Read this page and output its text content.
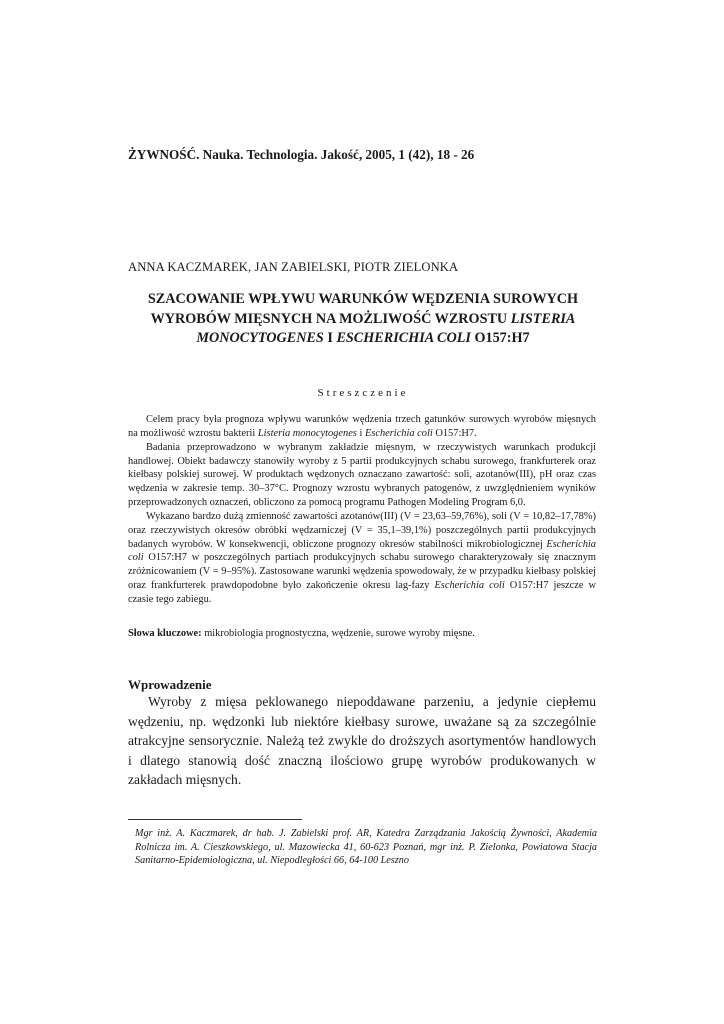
ŻYWNOŚĆ. Nauka. Technologia. Jakość, 2005, 1 (42), 18 - 26
ANNA KACZMAREK, JAN ZABIELSKI, PIOTR ZIELONKA
SZACOWANIE WPŁYWU WARUNKÓW WĘDZENIA SUROWYCH
WYROBÓW MIĘSNYCH NA MOŻLIWOŚĆ WZROSTU LISTERIA
MONOCYTOGENES I ESCHERICHIA COLI O157:H7
Streszczenie

Celem pracy była prognoza wpływu warunków wędzenia trzech gatunków surowych wyrobów mięsnych na możliwość wzrostu bakterii Listeria monocytogenes i Escherichia coli O157:H7.

Badania przeprowadzono w wybranym zakładzie mięsnym, w rzeczywistych warunkach produkcji handlowej. Obiekt badawczy stanowiły wyroby z 5 partii produkcyjnych schabu surowego, frankfurterek oraz kiełbasy polskiej surowej. W produktach wędzonych oznaczano zawartość: soli, azotanów(III), pH oraz czas wędzenia w zakresie temp. 30–37°C. Prognozy wzrostu wybranych patogenów, z uwzględnieniem wyników przeprowadzonych oznaczeń, obliczono za pomocą programu Pathogen Modeling Program 6,0.

Wykazano bardzo dużą zmienność zawartości azotanów(III) (V = 23,63–59,76%), soli (V = 10,82–17,78%) oraz rzeczywistych okresów obróbki wędzarniczej (V = 35,1–39,1%) poszczególnych partii produkcyjnych badanych wyrobów. W konsekwencji, obliczone prognozy okresów stabilności mikrobiologicznej Escherichia coli O157:H7 w poszczególnych partiach produkcyjnych schabu surowego charakteryzowały się znacznym zróżnicowaniem (V = 9–95%). Zastosowane warunki wędzenia spowodowały, że w przypadku kiełbasy polskiej oraz frankfurterek prawdopodobne było zakończenie okresu lag-fazy Escherichia coli O157:H7 jeszcze w czasie tego zabiegu.

Słowa kluczowe: mikrobiologia prognostyczna, wędzenie, surowe wyroby mięsne.
Wprowadzenie

Wyroby z mięsa peklowanego niepoddawane parzeniu, a jedynie ciepłemu wędzeniu, np. wędzonki lub niektóre kiełbasy surowe, uważane są za szczególnie atrakcyjne sensorycznie. Należą też zwykle do droższych asortymentów handlowych i dlatego stanowią dość znaczną ilościowo grupę wyrobów produkowanych w zakładach mięsnych.

Mgr inż. A. Kaczmarek, dr hab. J. Zabielski prof. AR, Katedra Zarządzania Jakością Żywności, Akademia Rolnicza im. A. Cieszkowskiego, ul. Mazowiecka 41, 60-623 Poznań, mgr inż. P. Zielonka, Powiatowa Stacja Sanitarno-Epidemiologiczna, ul. Niepodległości 66, 64-100 Leszno
